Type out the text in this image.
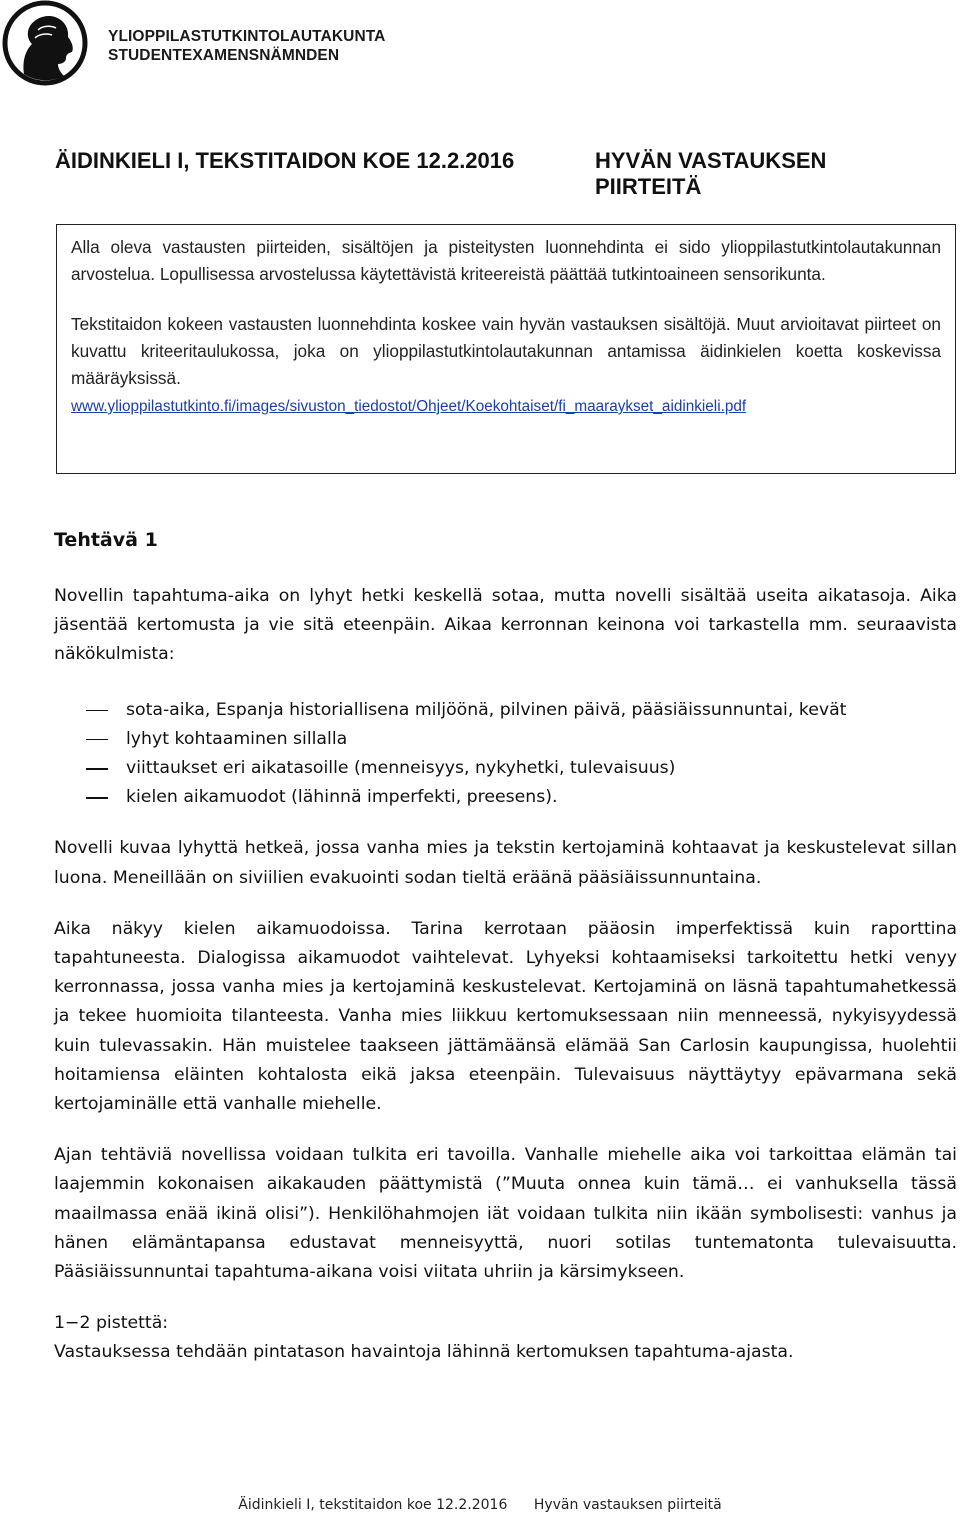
YLIOPPILASTUTKINTOLAUTAKUNTA
STUDENTEXAMENSNÄMNDEN
ÄIDINKIELI I, TEKSTITAIDON KOE 12.2.2016	HYVÄN VASTAUKSEN PIIRTEITÄ

Alla oleva vastausten piirteiden, sisältöjen ja pisteitysten luonnehdinta ei sido ylioppilastutkintolautakunnan arvostelua. Lopullisessa arvostelussa käytettävistä kriteereistä päättää tutkintoaineen sensorikunta.

Tekstitaidon kokeen vastausten luonnehdinta koskee vain hyvän vastauksen sisältöjä. Muut arvioitavat piirteet on kuvattu kriteeritaulukossa, joka on ylioppilastutkintolautakunnan antamissa äidinkielen koetta koskevissa määräyksissä.

www.ylioppilastutkinto.fi/images/sivuston_tiedostot/Ohjeet/Koekohtaiset/fi_maaraykset_aidinkieli.pdf
Tehtävä 1

Novellin tapahtuma-aika on lyhyt hetki keskellä sotaa, mutta novelli sisältää useita aikatasoja. Aika jäsentää kertomusta ja vie sitä eteenpäin. Aikaa kerronnan keinona voi tarkastella mm. seuraavista näkökulmista:

sota-aika, Espanja historiallisena miljöönä, pilvinen päivä, pääsiäissunnuntai, kevät
lyhyt kohtaaminen sillalla
viittaukset eri aikatasoille (menneisyys, nykyhetki, tulevaisuus)
kielen aikamuodot (lähinnä imperfekti, preesens).

Novelli kuvaa lyhyttä hetkeä, jossa vanha mies ja tekstin kertojaminä kohtaavat ja keskustelevat sillan luona. Meneillään on siviilien evakuointi sodan tieltä eräänä pääsiäissunnuntaina.

Aika näkyy kielen aikamuodoissa. Tarina kerrotaan pääosin imperfektissä kuin raporttina tapahtuneesta. Dialogissa aikamuodot vaihtelevat. Lyhyeksi kohtaamiseksi tarkoitettu hetki venyy kerronnassa, jossa vanha mies ja kertojaminä keskustelevat. Kertojaminä on läsnä tapahtumahetkessä ja tekee huomioita tilanteesta. Vanha mies liikkuu kertomuksessaan niin menneessä, nykyisyydessä kuin tulevassakin. Hän muistelee taakseen jättämäänsä elämää San Carlosin kaupungissa, huolehtii hoitamiensa eläinten kohtalosta eikä jaksa eteenpäin. Tulevaisuus näyttäytyy epävarmana sekä kertojaminälle että vanhalle miehelle.

Ajan tehtäviä novellissa voidaan tulkita eri tavoilla. Vanhalle miehelle aika voi tarkoittaa elämän tai laajemmin kokonaisen aikakauden päättymistä (”Muuta onnea kuin tämä… ei vanhuksella tässä maailmassa enää ikinä olisi”). Henkilöhahmojen iät voidaan tulkita niin ikään symbolisesti: vanhus ja hänen elämäntapansa edustavat menneisyyttä, nuori sotilas tuntematonta tulevaisuutta. Pääsiäissunnuntai tapahtuma-aikana voisi viitata uhriin ja kärsimykseen.

1−2 pistettä:

Vastauksessa tehdään pintatason havaintoja lähinnä kertomuksen tapahtuma-ajasta.

Äidinkieli I, tekstitaidon koe 12.2.2016 Hyvän vastauksen piirteitä
